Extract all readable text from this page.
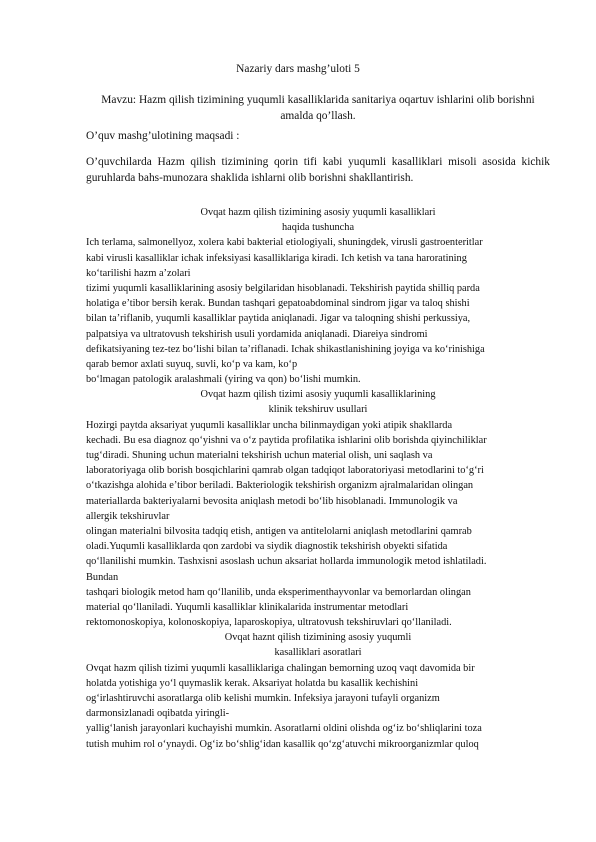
Nazariy dars mashg’uloti 5
Mavzu: Hazm qilish tizimining yuqumli kasalliklarida sanitariya oqartuv ishlarini olib borishni
amalda qo’llash.

O’quv mashg’ulotining maqsadi :

O’quvchilarda Hazm qilish tizimining qorin tifi kabi yuqumli kasalliklari misoli asosida kichik guruhlarda bahs-munozara shaklida ishlarni olib borishni shakllantirish.

Ovqat hazm qilish tizimining asosiy yuqumli kasalliklari
haqida tushuncha
Ich terlama, salmonellyoz, xolera kabi bakterial etiologiyali, shuningdek, virusli gastroenteritlar
kabi virusli kasalliklar ichak infeksiyasi kasalliklariga kiradi. Ich ketish va tana haroratining
ko‘tarilishi hazm a’zolari
tizimi yuqumli kasalliklarining asosiy belgilaridan hisoblanadi. Tekshirish paytida shilliq parda
holatiga e’tibor bersih kerak. Bundan tashqari gepatoabdominal sindrom jigar va taloq shishi
bilan ta’riflanib, yuqumli kasalliklar paytida aniqlanadi. Jigar va taloqning shishi perkussiya,
palpatsiya va ultratovush tekshirish usuli yordamida aniqlanadi. Diareiya sindromi
defikatsiyaning tez-tez bo‘lishi bilan ta’riflanadi. Ichak shikastlanishining joyiga va ko‘rinishiga
qarab bemor axlati suyuq, suvli, ko‘p va kam, ko‘p
bo‘lmagan patologik aralashmali (yiring va qon) bo‘lishi mumkin.
Ovqat hazm qilish tizimi asosiy yuqumli kasalliklarining
klinik tekshiruv usullari
Hozirgi paytda aksariyat yuqumli kasalliklar uncha bilinmaydigan yoki atipik shakllarda
kechadi. Bu esa diagnoz qo‘yishni va o‘z paytida profilatika ishlarini olib borishda qiyinchiliklar
tug‘diradi. Shuning uchun materialni tekshirish uchun material olish, uni saqlash va
laboratoriyaga olib borish bosqichlarini qamrab olgan tadqiqot laboratoriyasi metodlarini to‘g‘ri
o‘tkazishga alohida e’tibor beriladi. Bakteriologik tekshirish organizm ajralmalaridan olingan
materiallarda bakteriyalarni bevosita aniqlash metodi bo‘lib hisoblanadi. Immunologik va
allergik tekshiruvlar
olingan materialni bilvosita tadqiq etish, antigen va antitelolarni aniqlash metodlarini qamrab
oladi.Yuqumli kasalliklarda qon zardobi va siydik diagnostik tekshirish obyekti sifatida
qo‘llanilishi mumkin. Tashxisni asoslash uchun aksariat hollarda immunologik metod ishlatiladi.
Bundan
tashqari biologik metod ham qo‘llanilib, unda eksperimenthayvonlar va bemorlardan olingan
material qo‘llaniladi. Yuqumli kasalliklar klinikalarida instrumentar metodlari
rektomonoskopiya, kolonoskopiya, laparoskopiya, ultratovush tekshiruvlari qo‘llaniladi.
Ovqat haznt qilish tizimining asosiy yuqumli
kasalliklari asoratlari
Ovqat hazm qilish tizimi yuqumli kasalliklariga chalingan bemorning uzoq vaqt davomida bir
holatda yotishiga yo‘l quymaslik kerak. Aksariyat holatda bu kasallik kechishini
og‘irlashtiruvchi asoratlarga olib kelishi mumkin. Infeksiya jarayoni tufayli organizm
darmonsizlanadi oqibatda yiringli-
yallig‘lanish jarayonlari kuchayishi mumkin. Asoratlarni oldini olishda og‘iz bo‘shliqlarini toza
tutish muhim rol o‘ynaydi. Og‘iz bo‘shlig‘idan kasallik qo‘zg‘atuvchi mikroorganizmlar quloq
